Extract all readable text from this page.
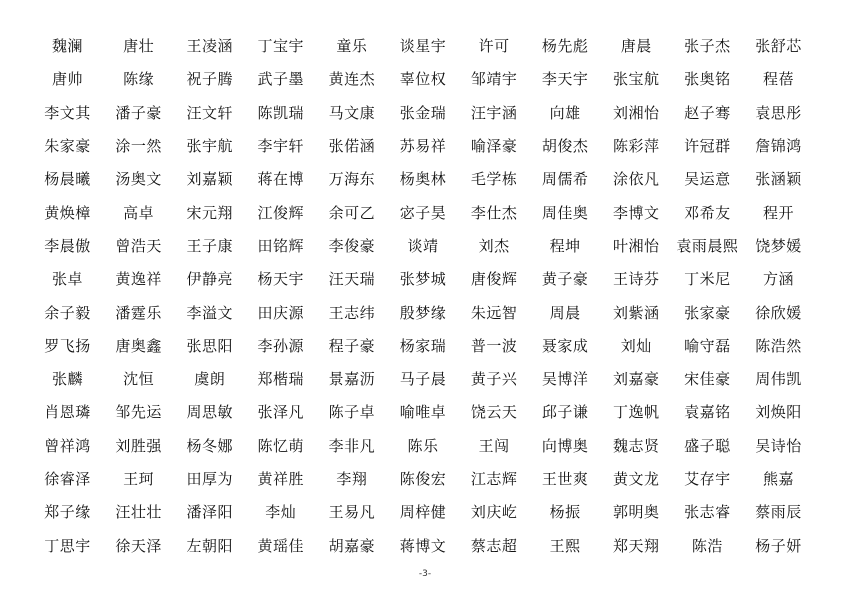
魏澜	唐壮	王凌涵	丁宝宇	童乐	谈星宇	许可	杨先彪	唐晨	张子杰	张舒芯
唐帅	陈缘	祝子腾	武子墨	黄连杰	辜位权	邹靖宇	李天宇	张宝航	张奥铭	程蓓
李文其	潘子豪	汪文轩	陈凯瑞	马文康	张金瑞	汪宇涵	向雄	刘湘怡	赵子骞	袁思彤
朱家豪	涂一然	张宇航	李宇轩	张偌涵	苏易祥	喻泽豪	胡俊杰	陈彩萍	许冠群	詹锦鸿
杨晨曦	汤奥文	刘嘉颖	蒋在博	万海东	杨奥林	毛学栋	周儒希	涂依凡	吴运意	张涵颖
黄焕樟	高卓	宋元翔	江俊辉	余可乙	宓子昊	李仕杰	周佳奥	李博文	邓希友	程开
李晨傲	曾浩天	王子康	田铭辉	李俊豪	谈靖	刘杰	程坤	叶湘怡	袁雨晨熙	饶梦媛
张卓	黄逸祥	伊静亮	杨天宇	汪天瑞	张梦城	唐俊辉	黄子豪	王诗芬	丁米尼	方涵
余子毅	潘霆乐	李溢文	田庆源	王志纬	殷梦缘	朱远智	周晨	刘紫涵	张家豪	徐欣媛
罗飞扬	唐奥鑫	张思阳	李孙源	程子豪	杨家瑞	普一波	聂家成	刘灿	喻守磊	陈浩然
张麟	沈恒	虞朗	郑楷瑞	景嘉沥	马子晨	黄子兴	吴博洋	刘嘉豪	宋佳豪	周伟凯
肖恩璘	邹先运	周思敏	张泽凡	陈子卓	喻唯卓	饶云天	邱子谦	丁逸帆	袁嘉铭	刘焕阳
曾祥鸿	刘胜强	杨冬娜	陈忆萌	李非凡	陈乐	王闯	向博奥	魏志贤	盛子聪	吴诗怡
徐睿泽	王珂	田厚为	黄祥胜	李翔	陈俊宏	江志辉	王世爽	黄文龙	艾存宇	熊嘉
郑子缘	汪壮壮	潘泽阳	李灿	王易凡	周梓健	刘庆屹	杨振	郭明奥	张志睿	蔡雨辰
丁思宇	徐天泽	左朝阳	黄瑶佳	胡嘉豪	蒋博文	蔡志超	王熙	郑天翔	陈浩	杨子妍
-3-
